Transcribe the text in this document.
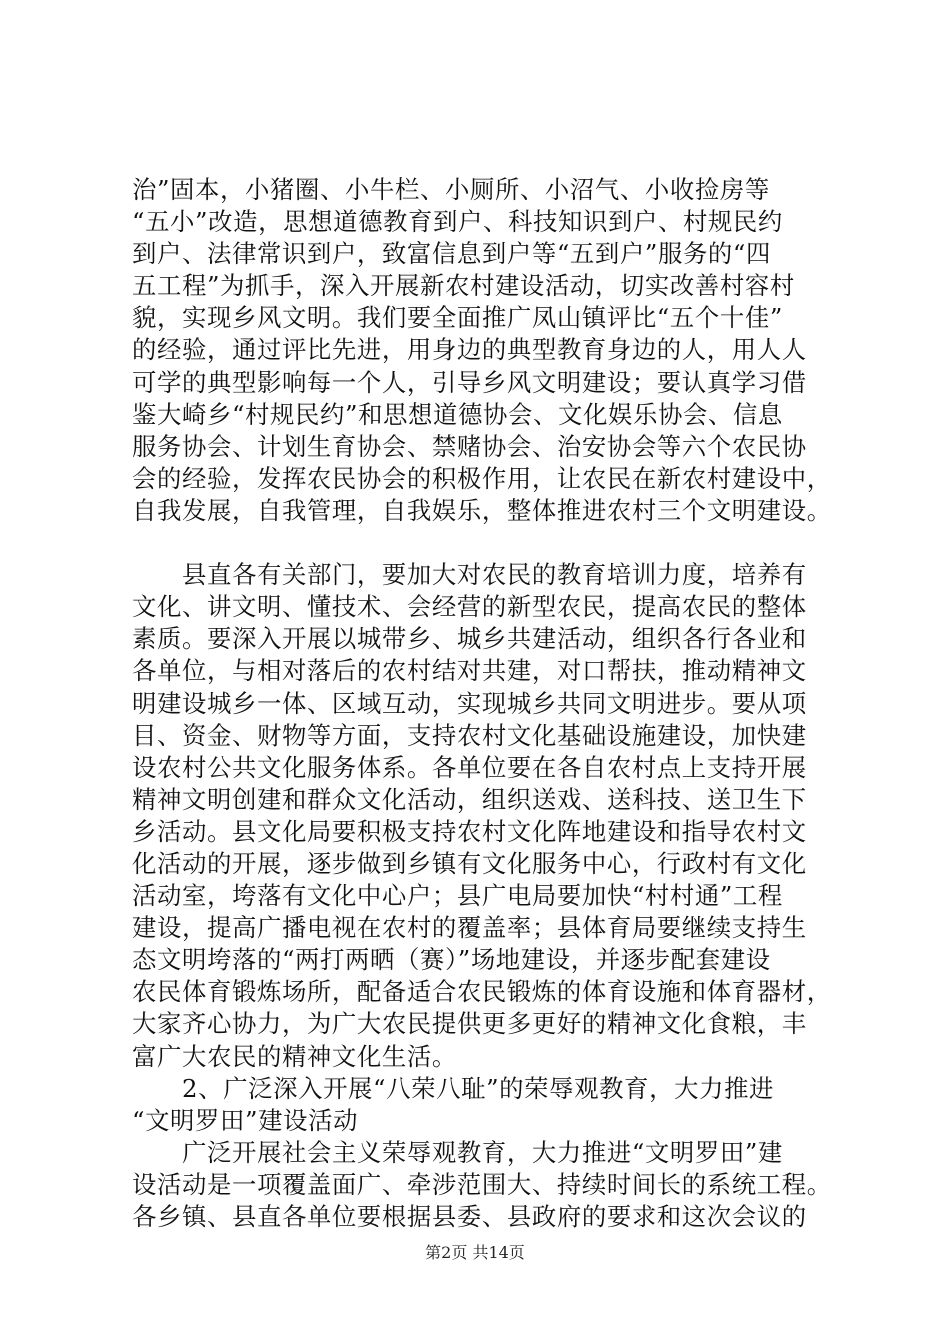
治”固本，小猪圈、小牛栏、小厕所、小沼气、小收捡房等
“五小”改造，思想道德教育到户、科技知识到户、村规民约
到户、法律常识到户，致富信息到户等“五到户”服务的“四
五工程”为抓手，深入开展新农村建设活动，切实改善村容村
貌，实现乡风文明。我们要全面推广凤山镇评比“五个十佳”
的经验，通过评比先进，用身边的典型教育身边的人，用人人
可学的典型影响每一个人，引导乡风文明建设；要认真学习借
鉴大崎乡“村规民约”和思想道德协会、文化娱乐协会、信息
服务协会、计划生育协会、禁赌协会、治安协会等六个农民协
会的经验，发挥农民协会的积极作用，让农民在新农村建设中，
自我发展，自我管理，自我娱乐，整体推进农村三个文明建设。
县直各有关部门，要加大对农民的教育培训力度，培养有
文化、讲文明、懂技术、会经营的新型农民，提高农民的整体
素质。要深入开展以城带乡、城乡共建活动，组织各行各业和
各单位，与相对落后的农村结对共建，对口帮扶，推动精神文
明建设城乡一体、区域互动，实现城乡共同文明进步。要从项
目、资金、财物等方面，支持农村文化基础设施建设，加快建
设农村公共文化服务体系。各单位要在各自农村点上支持开展
精神文明创建和群众文化活动，组织送戏、送科技、送卫生下
乡活动。县文化局要积极支持农村文化阵地建设和指导农村文
化活动的开展，逐步做到乡镇有文化服务中心，行政村有文化
活动室，垮落有文化中心户；县广电局要加快“村村通”工程
建设，提高广播电视在农村的覆盖率；县体育局要继续支持生
态文明垮落的“两打两晒（赛）”场地建设，并逐步配套建设
农民体育锻炼场所，配备适合农民锻炼的体育设施和体育器材，
大家齐心协力，为广大农民提供更多更好的精神文化食粮，丰
富广大农民的精神文化生活。
2、广泛深入开展“八荣八耻”的荣辱观教育，大力推进
“文明罗田”建设活动
广泛开展社会主义荣辱观教育，大力推进“文明罗田”建
设活动是一项覆盖面广、牵涉范围大、持续时间长的系统工程。
各乡镇、县直各单位要根据县委、县政府的要求和这次会议的
第2页 共14页
